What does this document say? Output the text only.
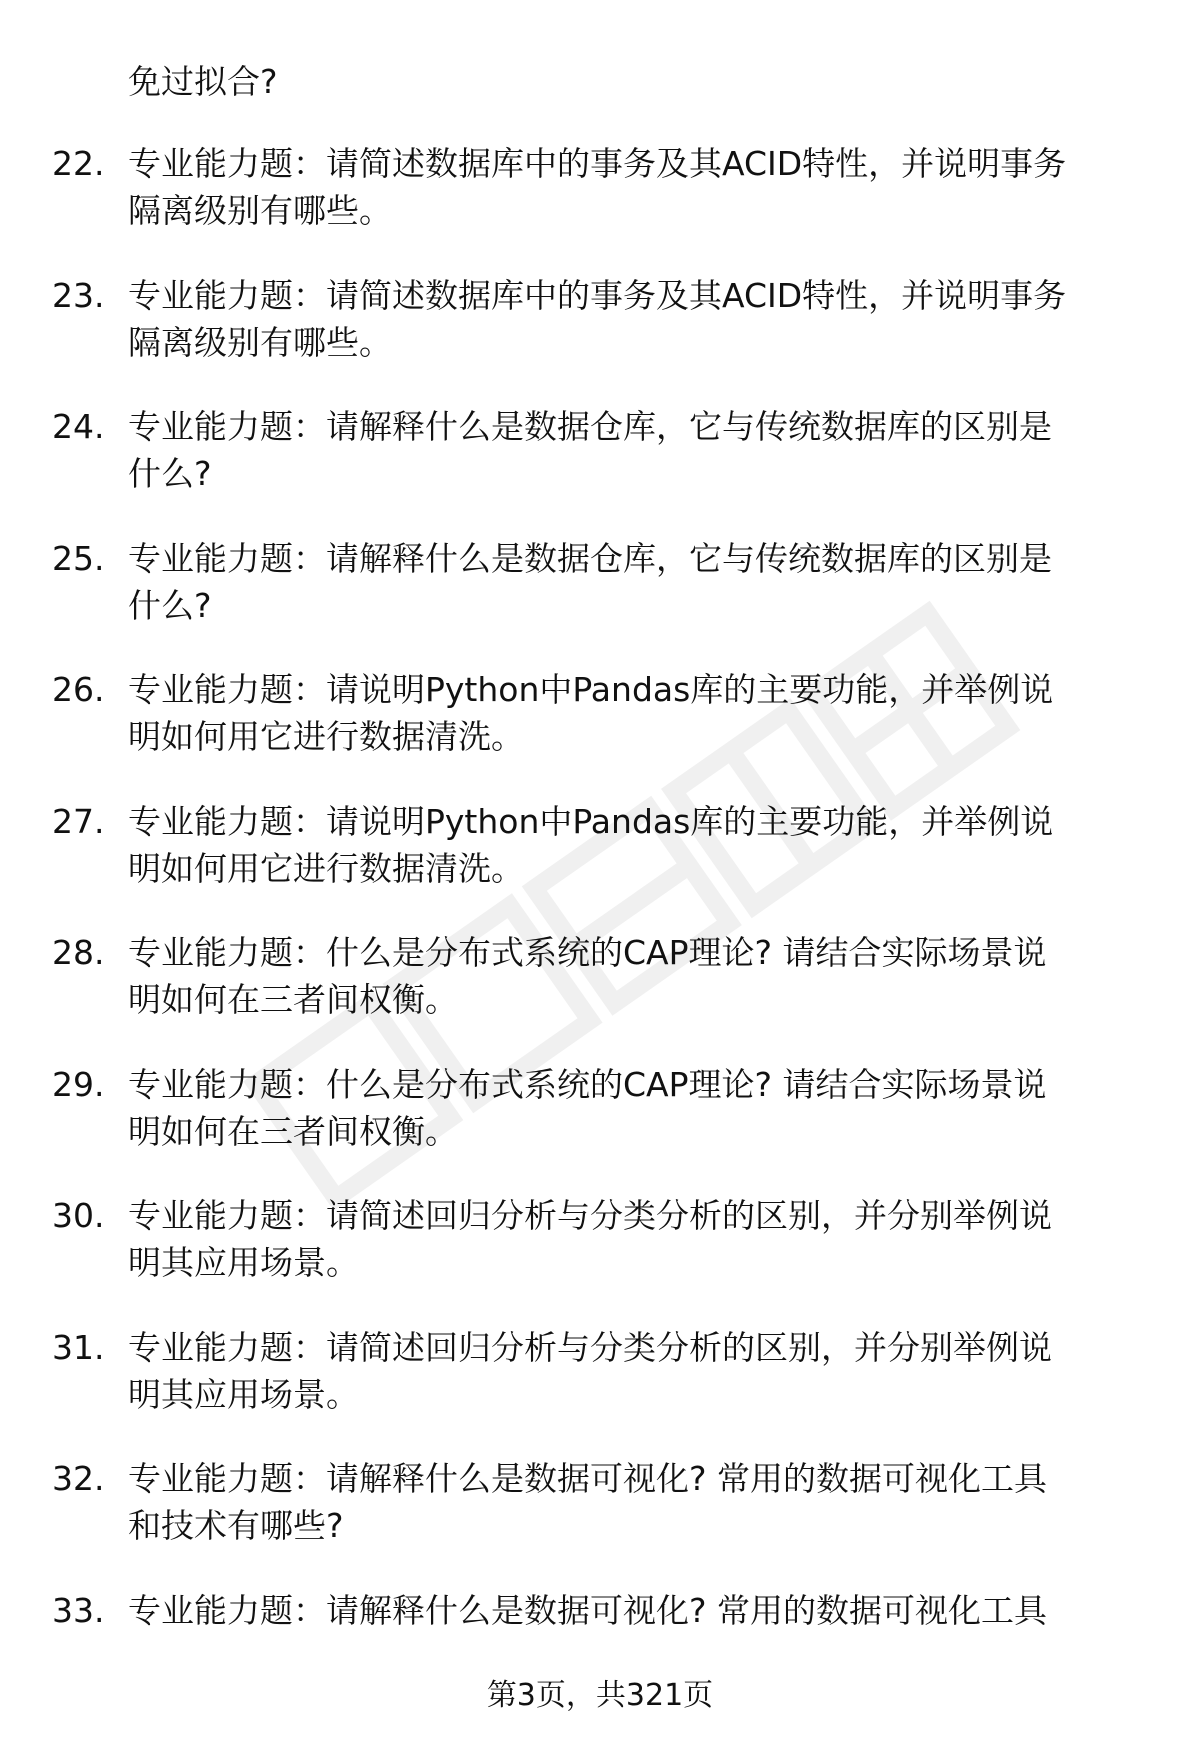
免过拟合?
22. 专业能力题：请简述数据库中的事务及其ACID特性，并说明事务
隔离级别有哪些。
23. 专业能力题：请简述数据库中的事务及其ACID特性，并说明事务
隔离级别有哪些。
24. 专业能力题：请解释什么是数据仓库，它与传统数据库的区别是
什么?
25. 专业能力题：请解释什么是数据仓库，它与传统数据库的区别是
什么?
26. 专业能力题：请说明Python中Pandas库的主要功能，并举例说
明如何用它进行数据清洗。
27. 专业能力题：请说明Python中Pandas库的主要功能，并举例说
明如何用它进行数据清洗。
28. 专业能力题：什么是分布式系统的CAP理论? 请结合实际场景说
明如何在三者间权衡。
29. 专业能力题：什么是分布式系统的CAP理论? 请结合实际场景说
明如何在三者间权衡。
30. 专业能力题：请简述回归分析与分类分析的区别，并分别举例说
明其应用场景。
31. 专业能力题：请简述回归分析与分类分析的区别，并分别举例说
明其应用场景。
32. 专业能力题：请解释什么是数据可视化? 常用的数据可视化工具
和技术有哪些?
33. 专业能力题：请解释什么是数据可视化? 常用的数据可视化工具
第3页，共321页
